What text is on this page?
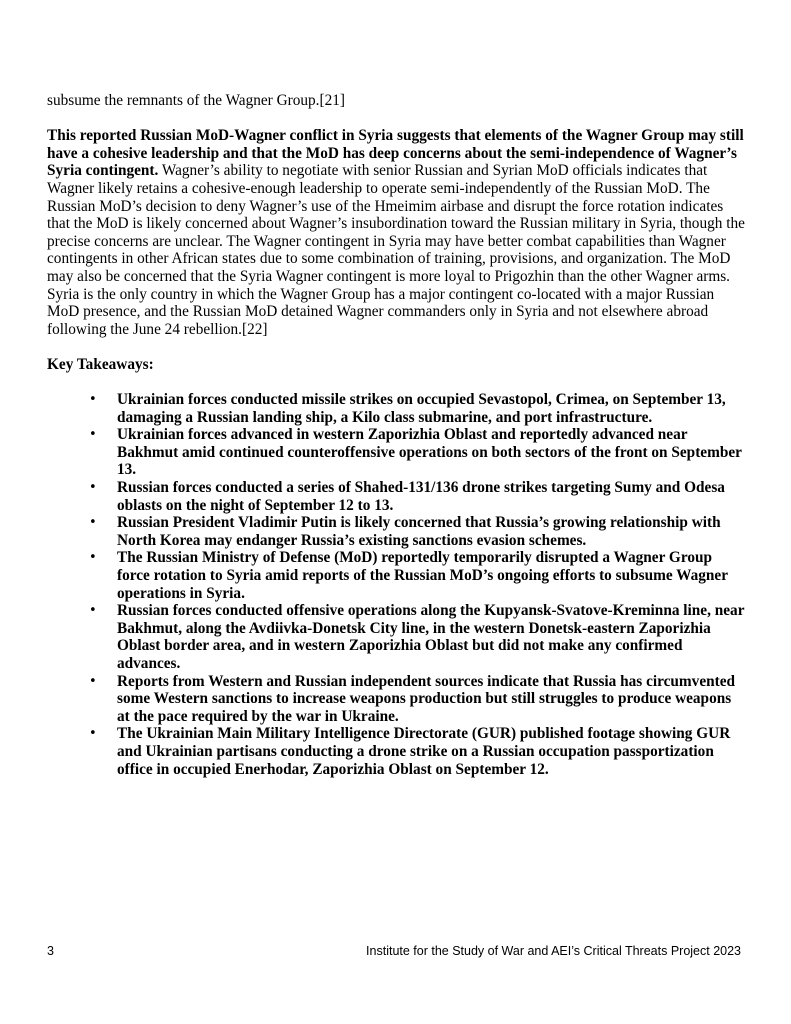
subsume the remnants of the Wagner Group.[21]

This reported Russian MoD-Wagner conflict in Syria suggests that elements of the Wagner Group may still have a cohesive leadership and that the MoD has deep concerns about the semi-independence of Wagner’s Syria contingent. Wagner’s ability to negotiate with senior Russian and Syrian MoD officials indicates that Wagner likely retains a cohesive-enough leadership to operate semi-independently of the Russian MoD. The Russian MoD’s decision to deny Wagner’s use of the Hmeimim airbase and disrupt the force rotation indicates that the MoD is likely concerned about Wagner’s insubordination toward the Russian military in Syria, though the precise concerns are unclear. The Wagner contingent in Syria may have better combat capabilities than Wagner contingents in other African states due to some combination of training, provisions, and organization. The MoD may also be concerned that the Syria Wagner contingent is more loyal to Prigozhin than the other Wagner arms. Syria is the only country in which the Wagner Group has a major contingent co-located with a major Russian MoD presence, and the Russian MoD detained Wagner commanders only in Syria and not elsewhere abroad following the June 24 rebellion.[22]

Key Takeaways:

• Ukrainian forces conducted missile strikes on occupied Sevastopol, Crimea, on September 13, damaging a Russian landing ship, a Kilo class submarine, and port infrastructure.
• Ukrainian forces advanced in western Zaporizhia Oblast and reportedly advanced near Bakhmut amid continued counteroffensive operations on both sectors of the front on September 13.
• Russian forces conducted a series of Shahed-131/136 drone strikes targeting Sumy and Odesa oblasts on the night of September 12 to 13.
• Russian President Vladimir Putin is likely concerned that Russia’s growing relationship with North Korea may endanger Russia’s existing sanctions evasion schemes.
• The Russian Ministry of Defense (MoD) reportedly temporarily disrupted a Wagner Group force rotation to Syria amid reports of the Russian MoD’s ongoing efforts to subsume Wagner operations in Syria.
• Russian forces conducted offensive operations along the Kupyansk-Svatove-Kreminna line, near Bakhmut, along the Avdiivka-Donetsk City line, in the western Donetsk-eastern Zaporizhia Oblast border area, and in western Zaporizhia Oblast but did not make any confirmed advances.
• Reports from Western and Russian independent sources indicate that Russia has circumvented some Western sanctions to increase weapons production but still struggles to produce weapons at the pace required by the war in Ukraine.
• The Ukrainian Main Military Intelligence Directorate (GUR) published footage showing GUR and Ukrainian partisans conducting a drone strike on a Russian occupation passportization office in occupied Enerhodar, Zaporizhia Oblast on September 12.
3	Institute for the Study of War and AEI’s Critical Threats Project 2023
